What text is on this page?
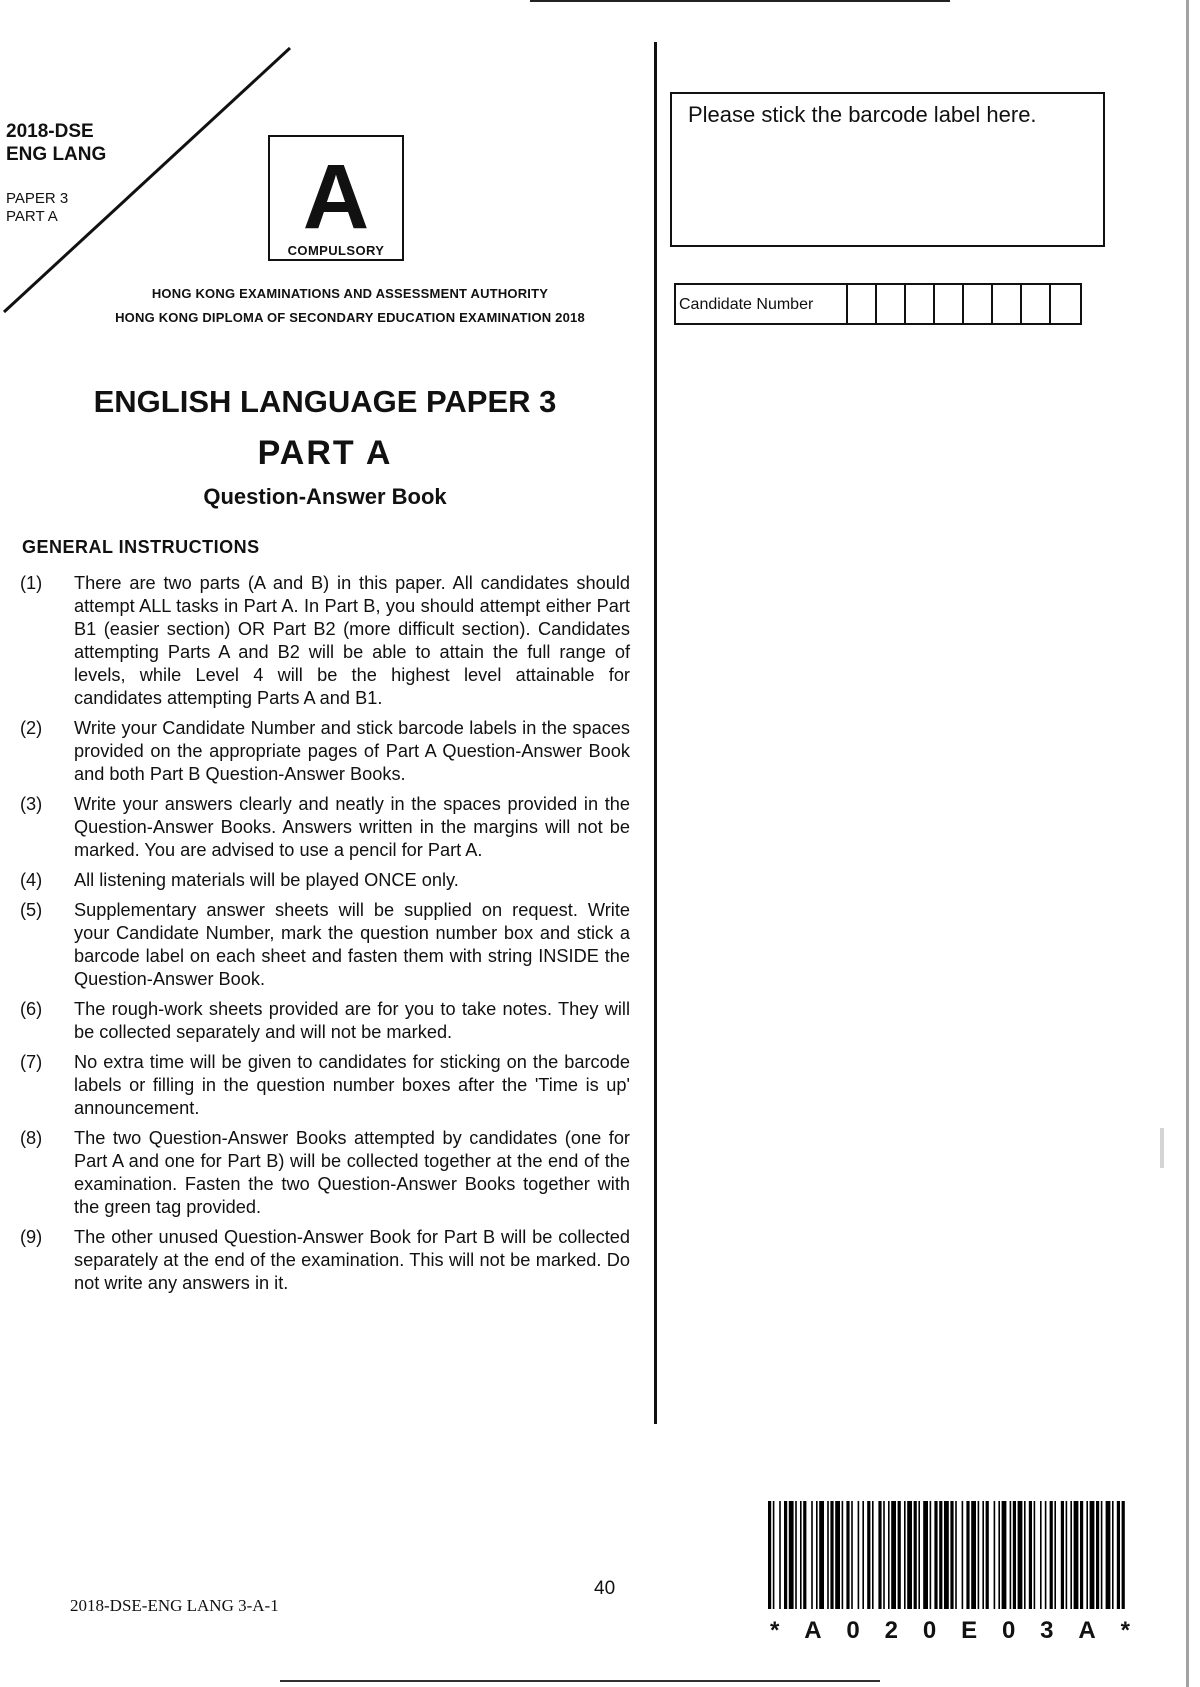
2018-DSE
ENG LANG
PAPER 3
PART A	A
COMPULSORY
HONG KONG EXAMINATIONS AND ASSESSMENT AUTHORITY
HONG KONG DIPLOMA OF SECONDARY EDUCATION EXAMINATION 2018
Please stick the barcode label here.
Candidate Number
ENGLISH LANGUAGE PAPER 3
PART A
Question-Answer Book
GENERAL INSTRUCTIONS
(1)	There are two parts (A and B) in this paper. All candidates should attempt ALL tasks in Part A. In Part B, you should attempt either Part B1 (easier section) OR Part B2 (more difficult section). Candidates attempting Parts A and B2 will be able to attain the full range of levels, while Level 4 will be the highest level attainable for candidates attempting Parts A and B1.
(2)	Write your Candidate Number and stick barcode labels in the spaces provided on the appropriate pages of Part A Question-Answer Book and both Part B Question-Answer Books.
(3)	Write your answers clearly and neatly in the spaces provided in the Question-Answer Books. Answers written in the margins will not be marked. You are advised to use a pencil for Part A.
(4)	All listening materials will be played ONCE only.
(5)	Supplementary answer sheets will be supplied on request. Write your Candidate Number, mark the question number box and stick a barcode label on each sheet and fasten them with string INSIDE the Question-Answer Book.
(6)	The rough-work sheets provided are for you to take notes. They will be collected separately and will not be marked.
(7)	No extra time will be given to candidates for sticking on the barcode labels or filling in the question number boxes after the 'Time is up' announcement.
(8)	The two Question-Answer Books attempted by candidates (one for Part A and one for Part B) will be collected together at the end of the examination. Fasten the two Question-Answer Books together with the green tag provided.
(9)	The other unused Question-Answer Book for Part B will be collected separately at the end of the examination. This will not be marked. Do not write any answers in it.
40
2018-DSE-ENG LANG 3-A-1
* A 0 2 0 E 0 3 A *
